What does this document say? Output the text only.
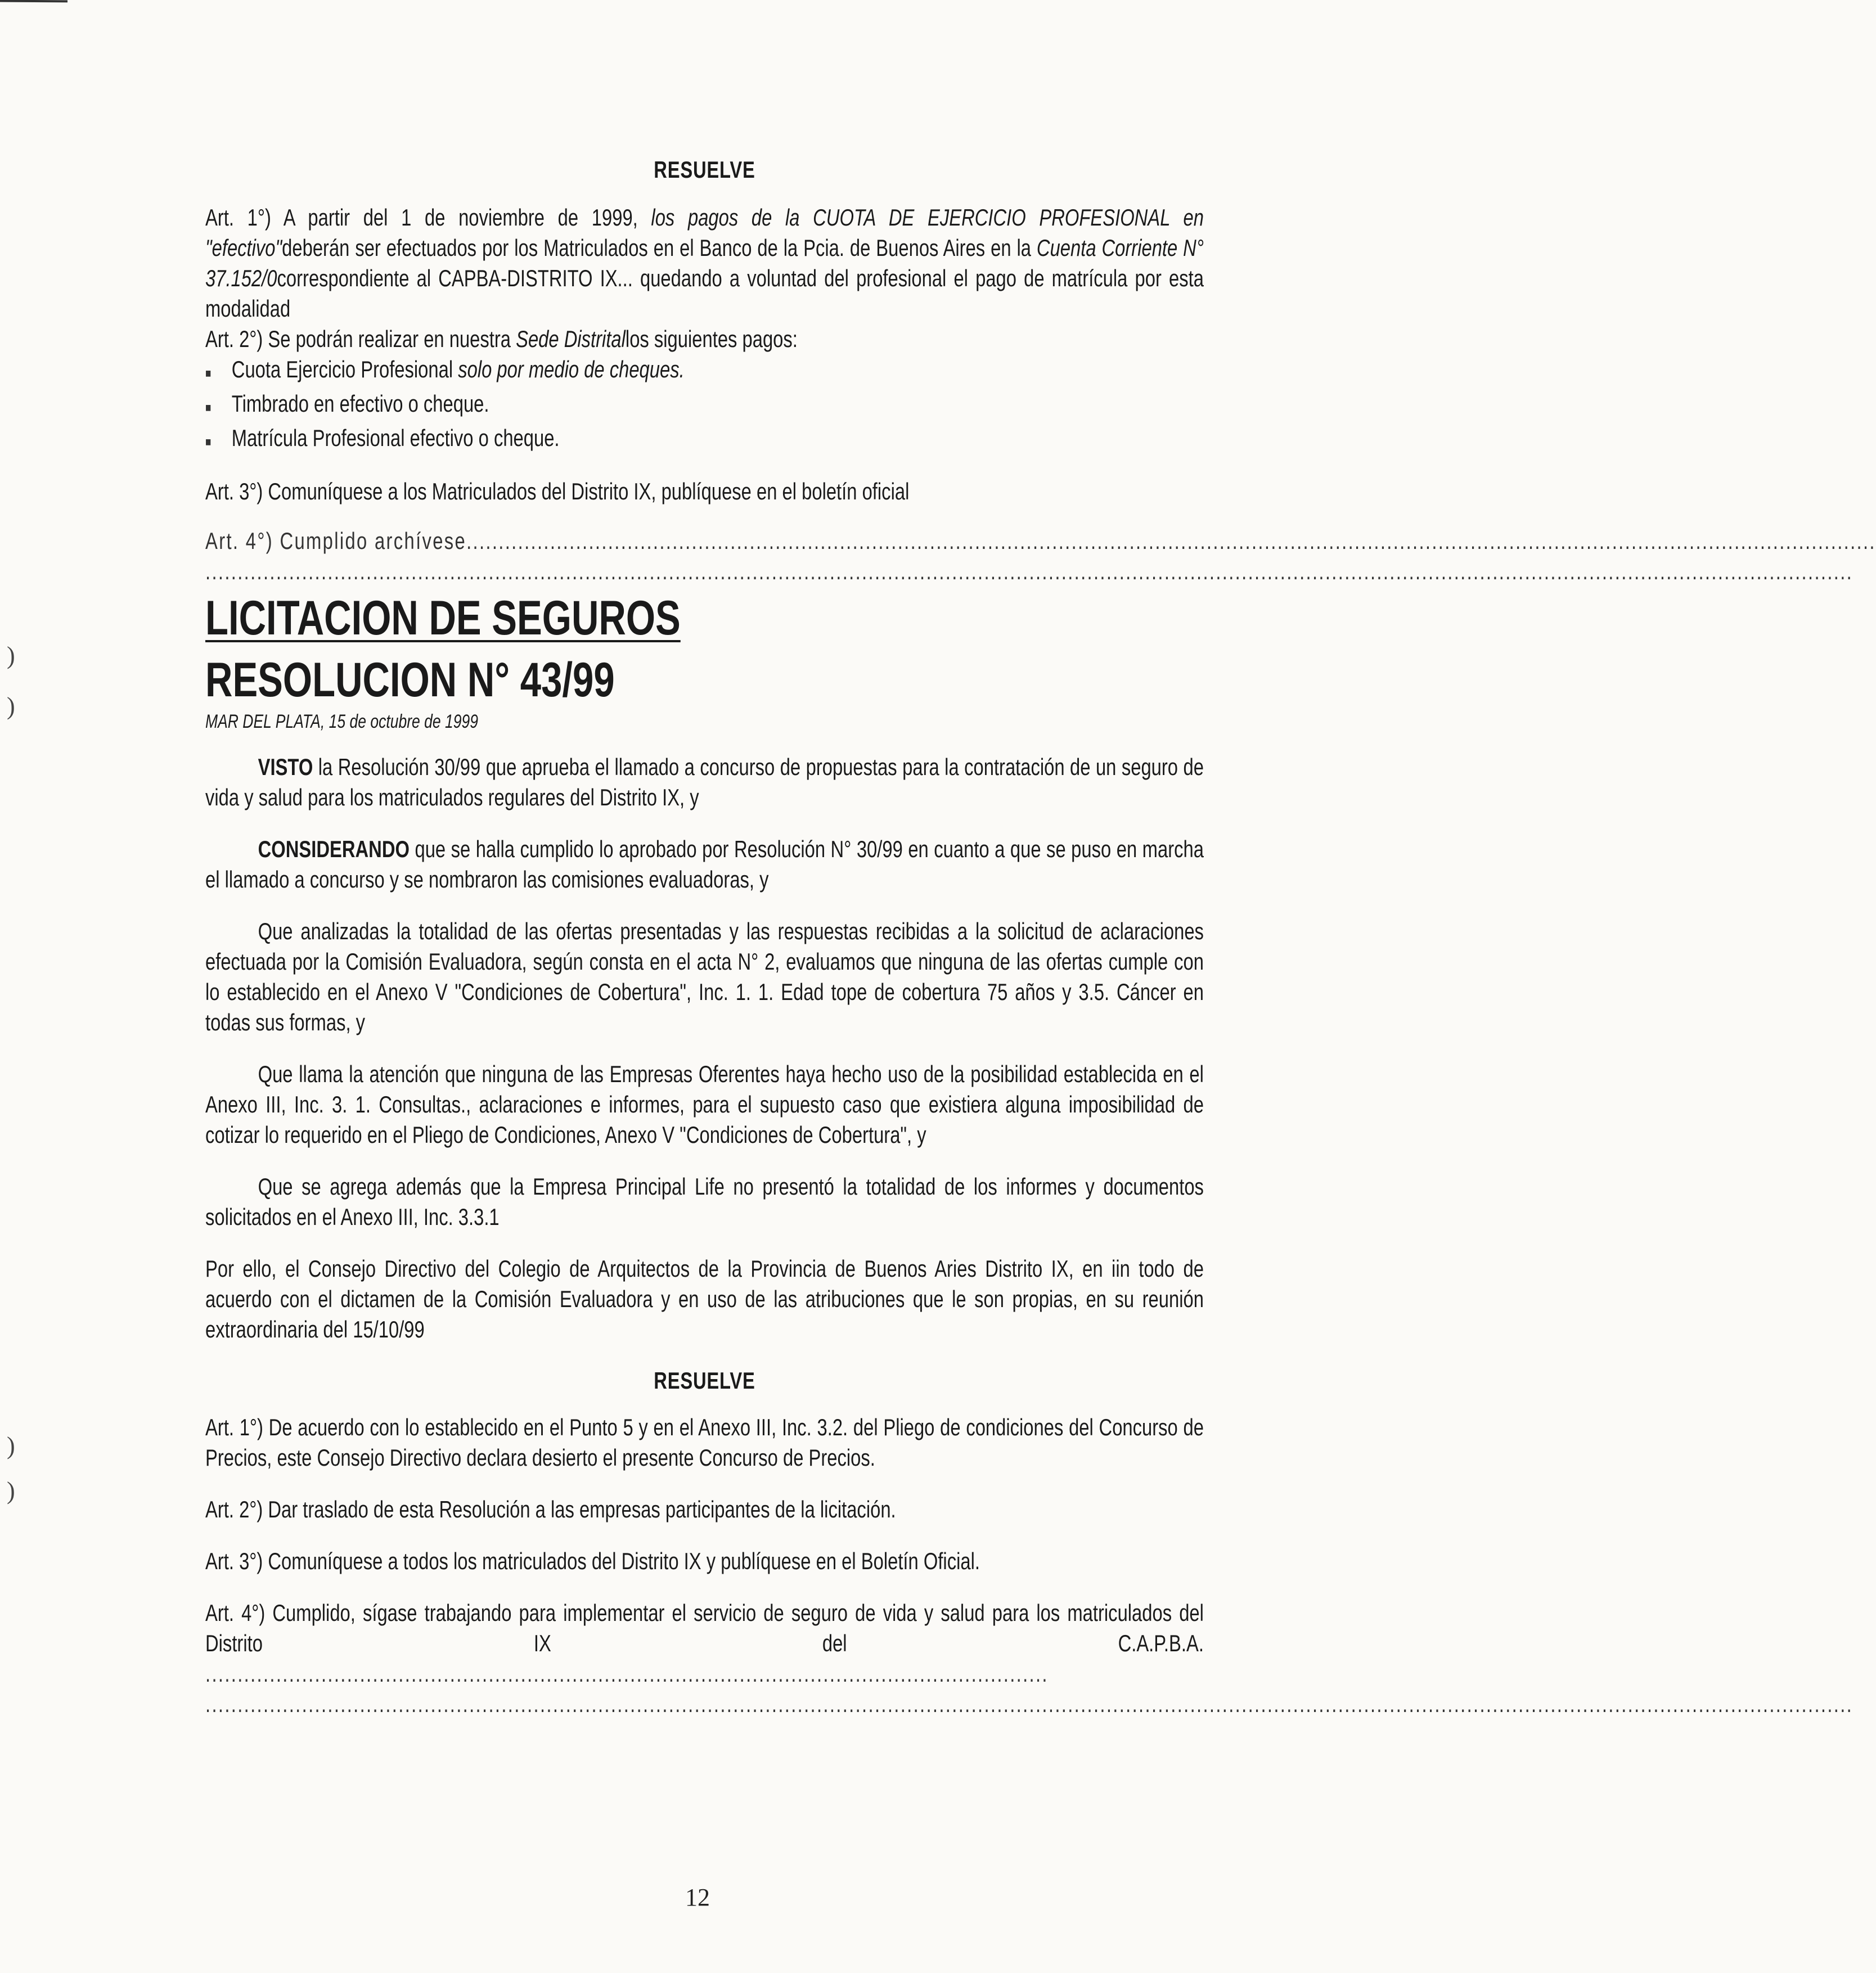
)
)
)
)

RESUELVE

Art. 1°) A partir del 1 de noviembre de 1999, los pagos de la CUOTA DE EJERCICIO PROFESIONAL en "efectivo"deberán ser efectuados por los Matriculados en el Banco de la Pcia. de Buenos Aires en la Cuenta Corriente N° 37.152/0correspondiente al CAPBA-DISTRITO IX... quedando a voluntad del profesional el pago de matrícula por esta modalidad

Art. 2°) Se podrán realizar en nuestra Sede Distritallos siguientes pagos:

■ Cuota Ejercicio Profesional solo por medio de cheques.
■ Timbrado en efectivo o cheque.
■ Matrícula Profesional efectivo o cheque.

Art. 3°) Comuníquese a los Matriculados del Distrito IX, publíquese en el boletín oficial

Art. 4°) Cumplido archívese...........................................................................................................................................................................................................................

................................................................................................................................................................................................................................................................

LICITACION DE SEGUROS

RESOLUCION N° 43/99

MAR DEL PLATA, 15 de octubre de 1999

VISTO la Resolución 30/99 que aprueba el llamado a concurso de propuestas para la contratación de un seguro de vida y salud para los matriculados regulares del Distrito IX, y

CONSIDERANDO que se halla cumplido lo aprobado por Resolución N° 30/99 en cuanto a que se puso en marcha el llamado a concurso y se nombraron las comisiones evaluadoras, y

Que analizadas la totalidad de las ofertas presentadas y las respuestas recibidas a la solicitud de aclaraciones efectuada por la Comisión Evaluadora, según consta en el acta N° 2, evaluamos que ninguna de las ofertas cumple con lo establecido en el Anexo V "Condiciones de Cobertura", Inc. 1. 1. Edad tope de cobertura 75 años y 3.5. Cáncer en todas sus formas, y

Que llama la atención que ninguna de las Empresas Oferentes haya hecho uso de la posibilidad establecida en el Anexo III, Inc. 3. 1. Consultas., aclaraciones e informes, para el supuesto caso que existiera alguna imposibilidad de cotizar lo requerido en el Pliego de Condiciones, Anexo V "Condiciones de Cobertura", y

Que se agrega además que la Empresa Principal Life no presentó la totalidad de los informes y documentos solicitados en el Anexo III, Inc. 3.3.1

Por ello, el Consejo Directivo del Colegio de Arquitectos de la Provincia de Buenos Aries Distrito IX, en iin todo de acuerdo con el dictamen de la Comisión Evaluadora y en uso de las atribuciones que le son propias, en su reunión extraordinaria del 15/10/99

RESUELVE

Art. 1°) De acuerdo con lo establecido en el Punto 5 y en el Anexo III, Inc. 3.2. del Pliego de condiciones del Concurso de Precios, este Consejo Directivo declara desierto el presente Concurso de Precios.

Art. 2°) Dar traslado de esta Resolución a las empresas participantes de la licitación.

Art. 3°) Comuníquese a todos los matriculados del Distrito IX y publíquese en el Boletín Oficial.

Art. 4°) Cumplido, sígase trabajando para implementar el servicio de seguro de vida y salud para los matriculados del Distrito IX del C.A.P.B.A. ...................................................................................................................................

................................................................................................................................................................................................................................................................

12
